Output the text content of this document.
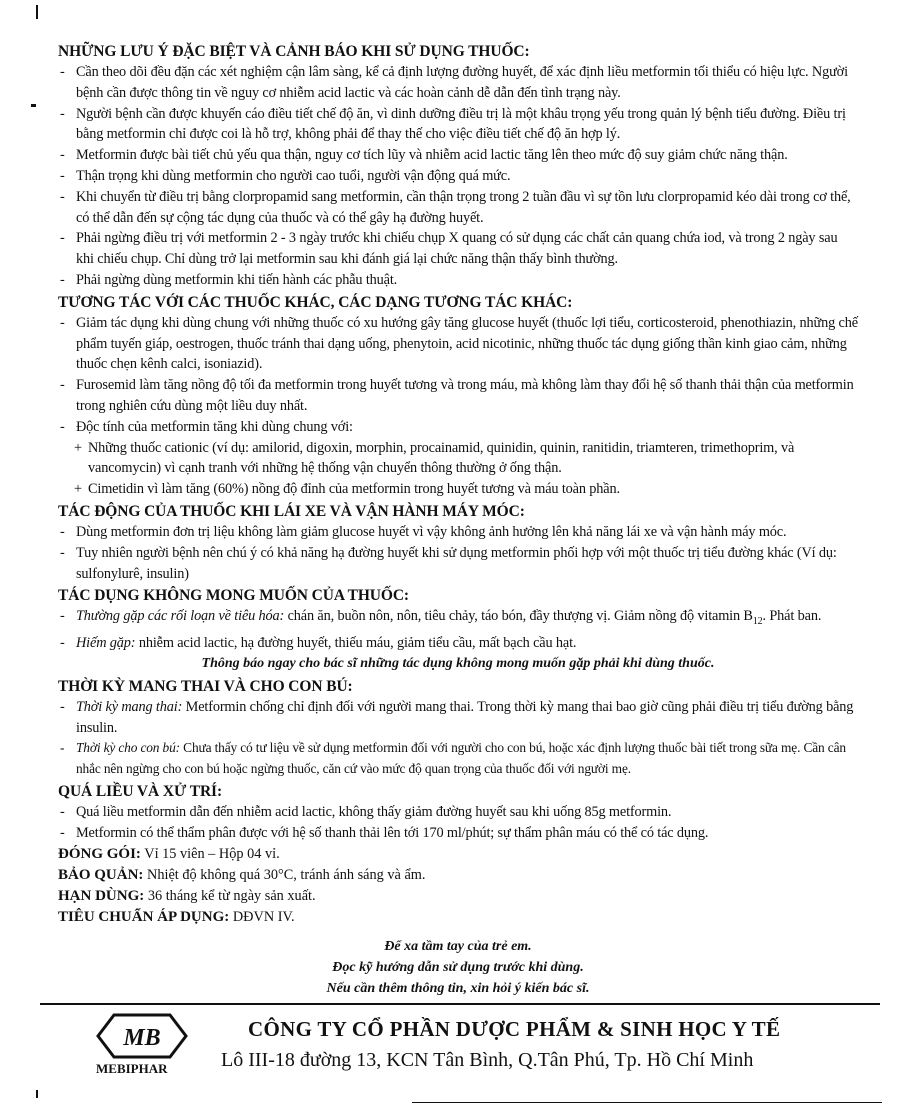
NHỮNG LƯU Ý ĐẶC BIỆT VÀ CẢNH BÁO KHI SỬ DỤNG THUỐC:
- Cần theo dõi đều đặn các xét nghiệm cận lâm sàng, kể cả định lượng đường huyết, để xác định liều metformin tối thiểu có hiệu lực. Người bệnh cần được thông tin về nguy cơ nhiễm acid lactic và các hoàn cảnh dễ dẫn đến tình trạng này.
- Người bệnh cần được khuyến cáo điều tiết chế độ ăn, vì dinh dưỡng điều trị là một khâu trọng yếu trong quản lý bệnh tiểu đường. Điều trị bằng metformin chỉ được coi là hỗ trợ, không phải để thay thế cho việc điều tiết chế độ ăn hợp lý.
- Metformin được bài tiết chủ yếu qua thận, nguy cơ tích lũy và nhiễm acid lactic tăng lên theo mức độ suy giảm chức năng thận.
- Thận trọng khi dùng metformin cho người cao tuổi, người vận động quá mức.
- Khi chuyển từ điều trị bằng clorpropamid sang metformin, cần thận trọng trong 2 tuần đầu vì sự tồn lưu clorpropamid kéo dài trong cơ thể, có thể dẫn đến sự cộng tác dụng của thuốc và có thể gây hạ đường huyết.
- Phải ngừng điều trị với metformin 2 - 3 ngày trước khi chiếu chụp X quang có sử dụng các chất cản quang chứa iod, và trong 2 ngày sau khi chiếu chụp. Chỉ dùng trở lại metformin sau khi đánh giá lại chức năng thận thấy bình thường.
- Phải ngừng dùng metformin khi tiến hành các phẫu thuật.
TƯƠNG TÁC VỚI CÁC THUỐC KHÁC, CÁC DẠNG TƯƠNG TÁC KHÁC:
- Giảm tác dụng khi dùng chung với những thuốc có xu hướng gây tăng glucose huyết (thuốc lợi tiểu, corticosteroid, phenothiazin, những chế phẩm tuyến giáp, oestrogen, thuốc tránh thai dạng uống, phenytoin, acid nicotinic, những thuốc tác dụng giống thần kinh giao cảm, những thuốc chẹn kênh calci, isoniazid).
- Furosemid làm tăng nồng độ tối đa metformin trong huyết tương và trong máu, mà không làm thay đổi hệ số thanh thải thận của metformin trong nghiên cứu dùng một liều duy nhất.
- Độc tính của metformin tăng khi dùng chung với:
+ Những thuốc cationic (ví dụ: amilorid, digoxin, morphin, procainamid, quinidin, quinin, ranitidin, triamteren, trimethoprim, và vancomycin) vì cạnh tranh với những hệ thống vận chuyển thông thường ở ống thận.
+ Cimetidin vì làm tăng (60%) nồng độ đỉnh của metformin trong huyết tương và máu toàn phần.
TÁC ĐỘNG CỦA THUỐC KHI LÁI XE VÀ VẬN HÀNH MÁY MÓC:
- Dùng metformin đơn trị liệu không làm giảm glucose huyết vì vậy không ảnh hưởng lên khả năng lái xe và vận hành máy móc.
- Tuy nhiên người bệnh nên chú ý có khả năng hạ đường huyết khi sử dụng metformin phối hợp với một thuốc trị tiểu đường khác (Ví dụ: sulfonylurê, insulin)
TÁC DỤNG KHÔNG MONG MUỐN CỦA THUỐC:
- Thường gặp các rối loạn về tiêu hóa: chán ăn, buồn nôn, nôn, tiêu chảy, táo bón, đầy thượng vị. Giảm nồng độ vitamin $B_{12}$. Phát ban.
- Hiếm gặp: nhiễm acid lactic, hạ đường huyết, thiếu máu, giảm tiểu cầu, mất bạch cầu hạt.
Thông báo ngay cho bác sĩ những tác dụng không mong muốn gặp phải khi dùng thuốc.
THỜI KỲ MANG THAI VÀ CHO CON BÚ:
- Thời kỳ mang thai: Metformin chống chỉ định đối với người mang thai. Trong thời kỳ mang thai bao giờ cũng phải điều trị tiểu đường bằng insulin.
- Thời kỳ cho con bú: Chưa thấy có tư liệu về sử dụng metformin đối với người cho con bú, hoặc xác định lượng thuốc bài tiết trong sữa mẹ. Cần cân nhắc nên ngừng cho con bú hoặc ngừng thuốc, căn cứ vào mức độ quan trọng của thuốc đối với người mẹ.
QUÁ LIỀU VÀ XỬ TRÍ:
- Quá liều metformin dẫn đến nhiễm acid lactic, không thấy giảm đường huyết sau khi uống 85g metformin.
- Metformin có thể thẩm phân được với hệ số thanh thải lên tới 170 ml/phút; sự thẩm phân máu có thể có tác dụng.
ĐÓNG GÓI: Vỉ 15 viên – Hộp 04 vỉ.
BẢO QUẢN: Nhiệt độ không quá 30°C, tránh ánh sáng và ẩm.
HẠN DÙNG: 36 tháng kể từ ngày sản xuất.
TIÊU CHUẨN ÁP DỤNG: DĐVN IV.
Để xa tầm tay của trẻ em.
Đọc kỹ hướng dẫn sử dụng trước khi dùng.
Nếu cần thêm thông tin, xin hỏi ý kiến bác sĩ.
MB
MEBIPHAR
CÔNG TY CỔ PHẦN DƯỢC PHẨM & SINH HỌC Y TẾ
Lô III-18 đường 13, KCN Tân Bình, Q.Tân Phú, Tp. Hồ Chí Minh
